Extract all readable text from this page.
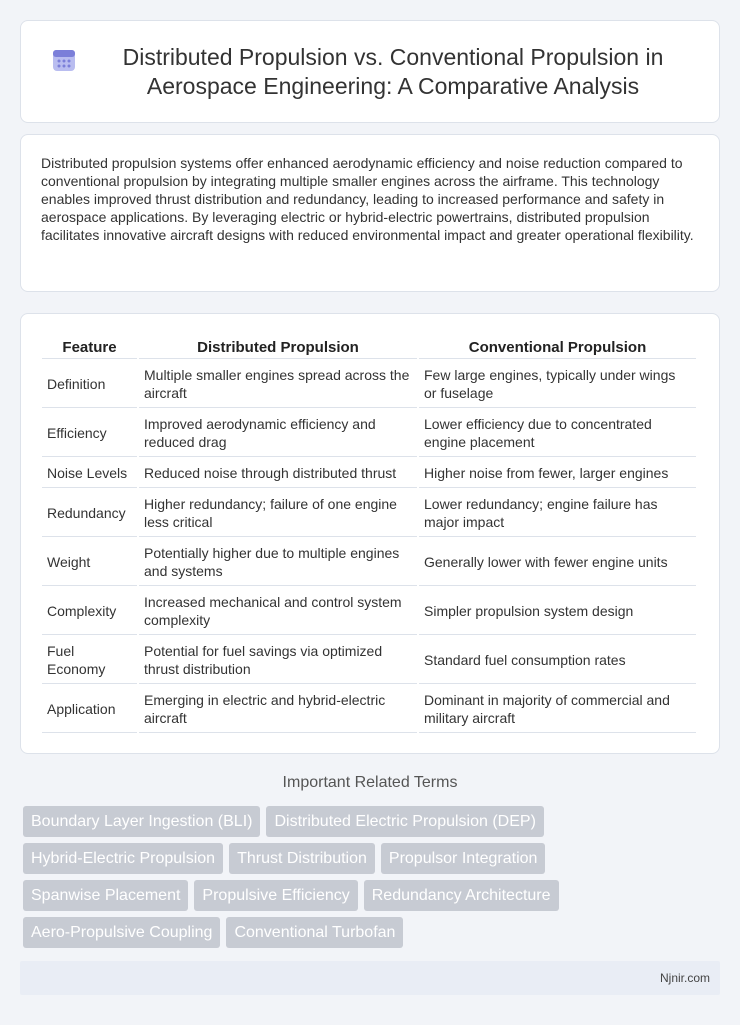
Distributed Propulsion vs. Conventional Propulsion in Aerospace Engineering: A Comparative Analysis

Distributed propulsion systems offer enhanced aerodynamic efficiency and noise reduction compared to conventional propulsion by integrating multiple smaller engines across the airframe. This technology enables improved thrust distribution and redundancy, leading to increased performance and safety in aerospace applications. By leveraging electric or hybrid-electric powertrains, distributed propulsion facilitates innovative aircraft designs with reduced environmental impact and greater operational flexibility.

Feature	Distributed Propulsion	Conventional Propulsion
Definition	Multiple smaller engines spread across the aircraft	Few large engines, typically under wings or fuselage
Efficiency	Improved aerodynamic efficiency and reduced drag	Lower efficiency due to concentrated engine placement
Noise Levels	Reduced noise through distributed thrust	Higher noise from fewer, larger engines
Redundancy	Higher redundancy; failure of one engine less critical	Lower redundancy; engine failure has major impact
Weight	Potentially higher due to multiple engines and systems	Generally lower with fewer engine units
Complexity	Increased mechanical and control system complexity	Simpler propulsion system design
Fuel Economy	Potential for fuel savings via optimized thrust distribution	Standard fuel consumption rates
Application	Emerging in electric and hybrid-electric aircraft	Dominant in majority of commercial and military aircraft
Important Related Terms
Boundary Layer Ingestion (BLI)	Distributed Electric Propulsion (DEP)
Hybrid-Electric Propulsion	Thrust Distribution	Propulsor Integration
Spanwise Placement	Propulsive Efficiency	Redundancy Architecture
Aero-Propulsive Coupling	Conventional Turbofan
Njnir.com
